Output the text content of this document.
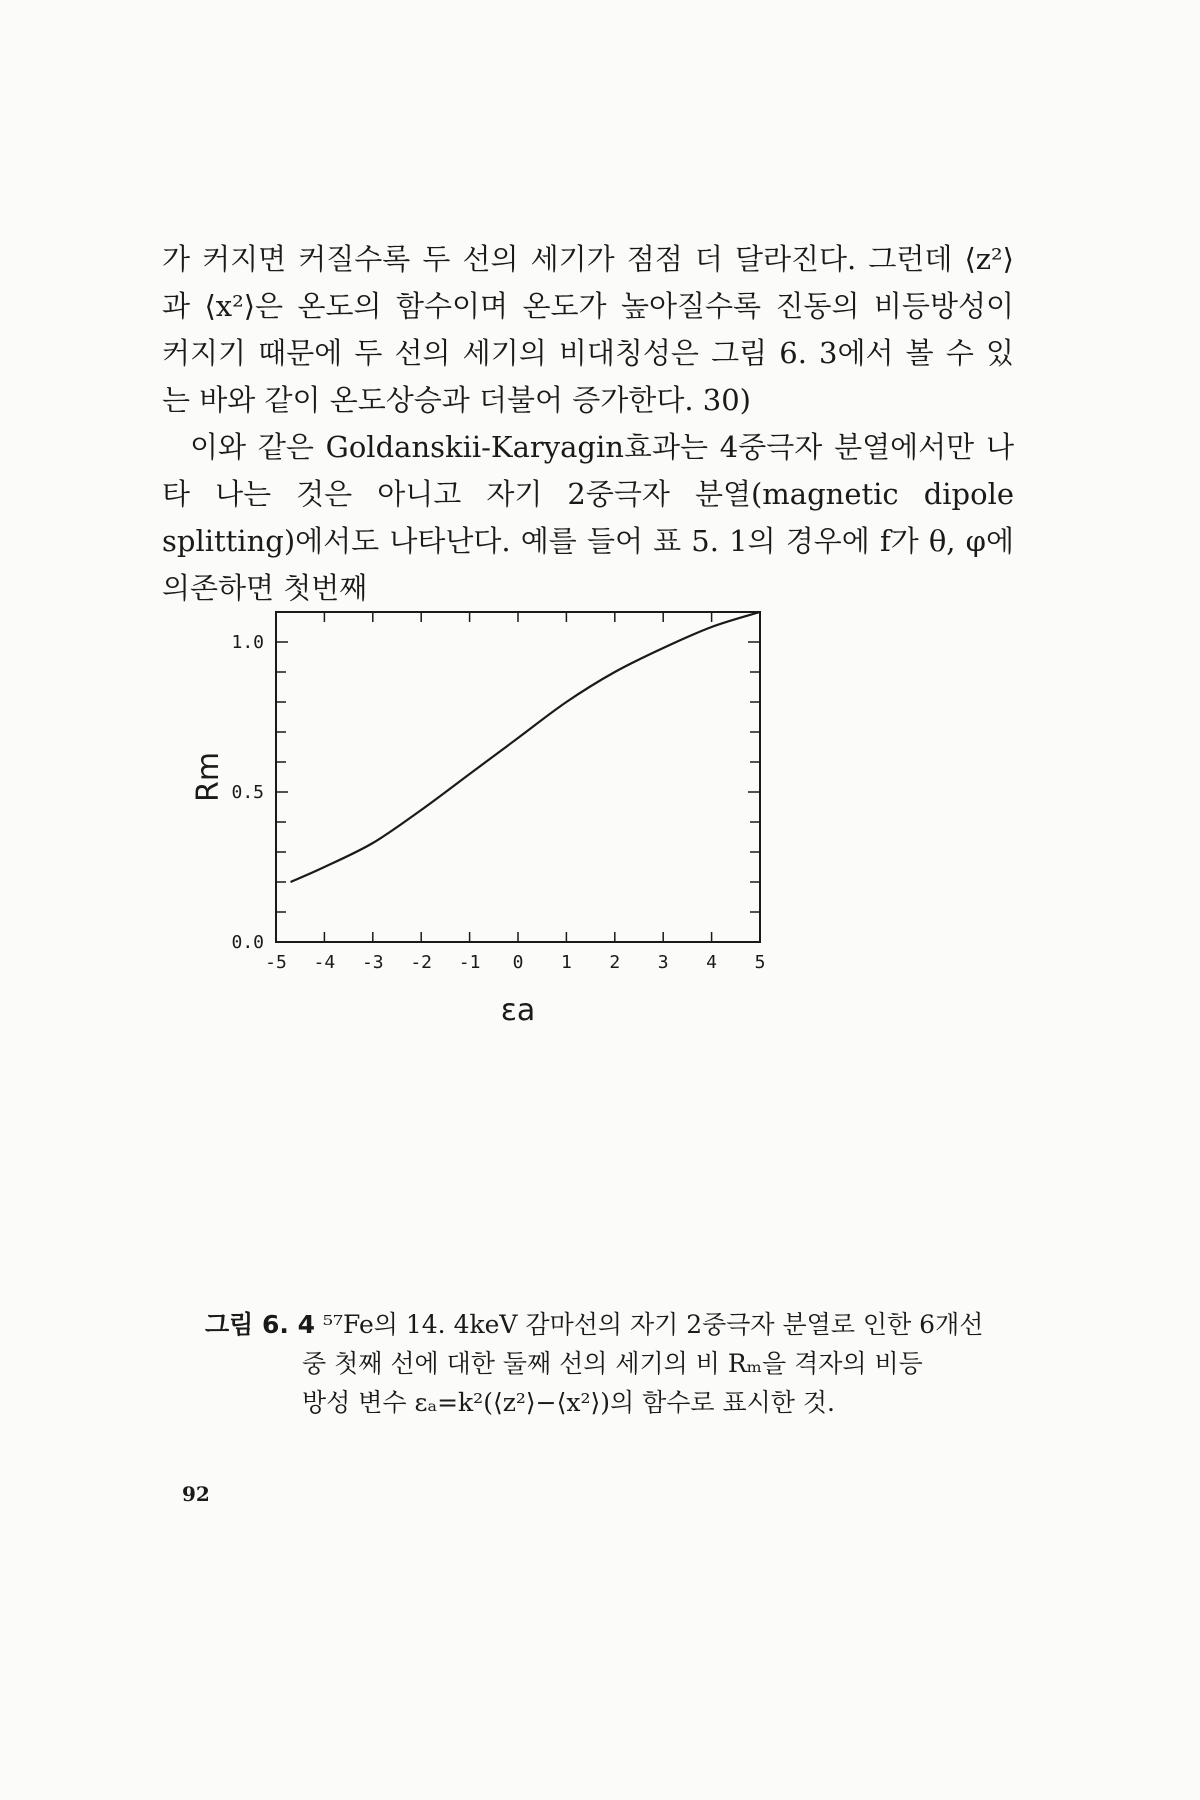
가 커지면 커질수록 두 선의 세기가 점점 더 달라진다. 그런데 ⟨z²⟩ 과 ⟨x²⟩은 온도의 함수이며 온도가 높아질수록 진동의 비등방성이 커지기 때문에 두 선의 세기의 비대칭성은 그림 6. 3에서 볼 수 있 는 바와 같이 온도상승과 더불어 증가한다. 30)

이와 같은 Goldanskii-Karyagin효과는 4중극자 분열에서만 나타 나는 것은 아니고 자기 2중극자 분열(magnetic dipole splitting)에서도 나타난다. 예를 들어 표 5. 1의 경우에 f가 θ, φ에 의존하면 첫번째

-5 -4 -3 -2 -1 0 1 2 3 4 5
0.0
0.5
1.0
εa
Rm
그림 6. 4 ⁵⁷Fe의 14. 4keV 감마선의 자기 2중극자 분열로 인한 6개선
중 첫째 선에 대한 둘째 선의 세기의 비 Rₘ을 격자의 비등
방성 변수 εₐ=k²(⟨z²⟩−⟨x²⟩)의 함수로 표시한 것.
92
